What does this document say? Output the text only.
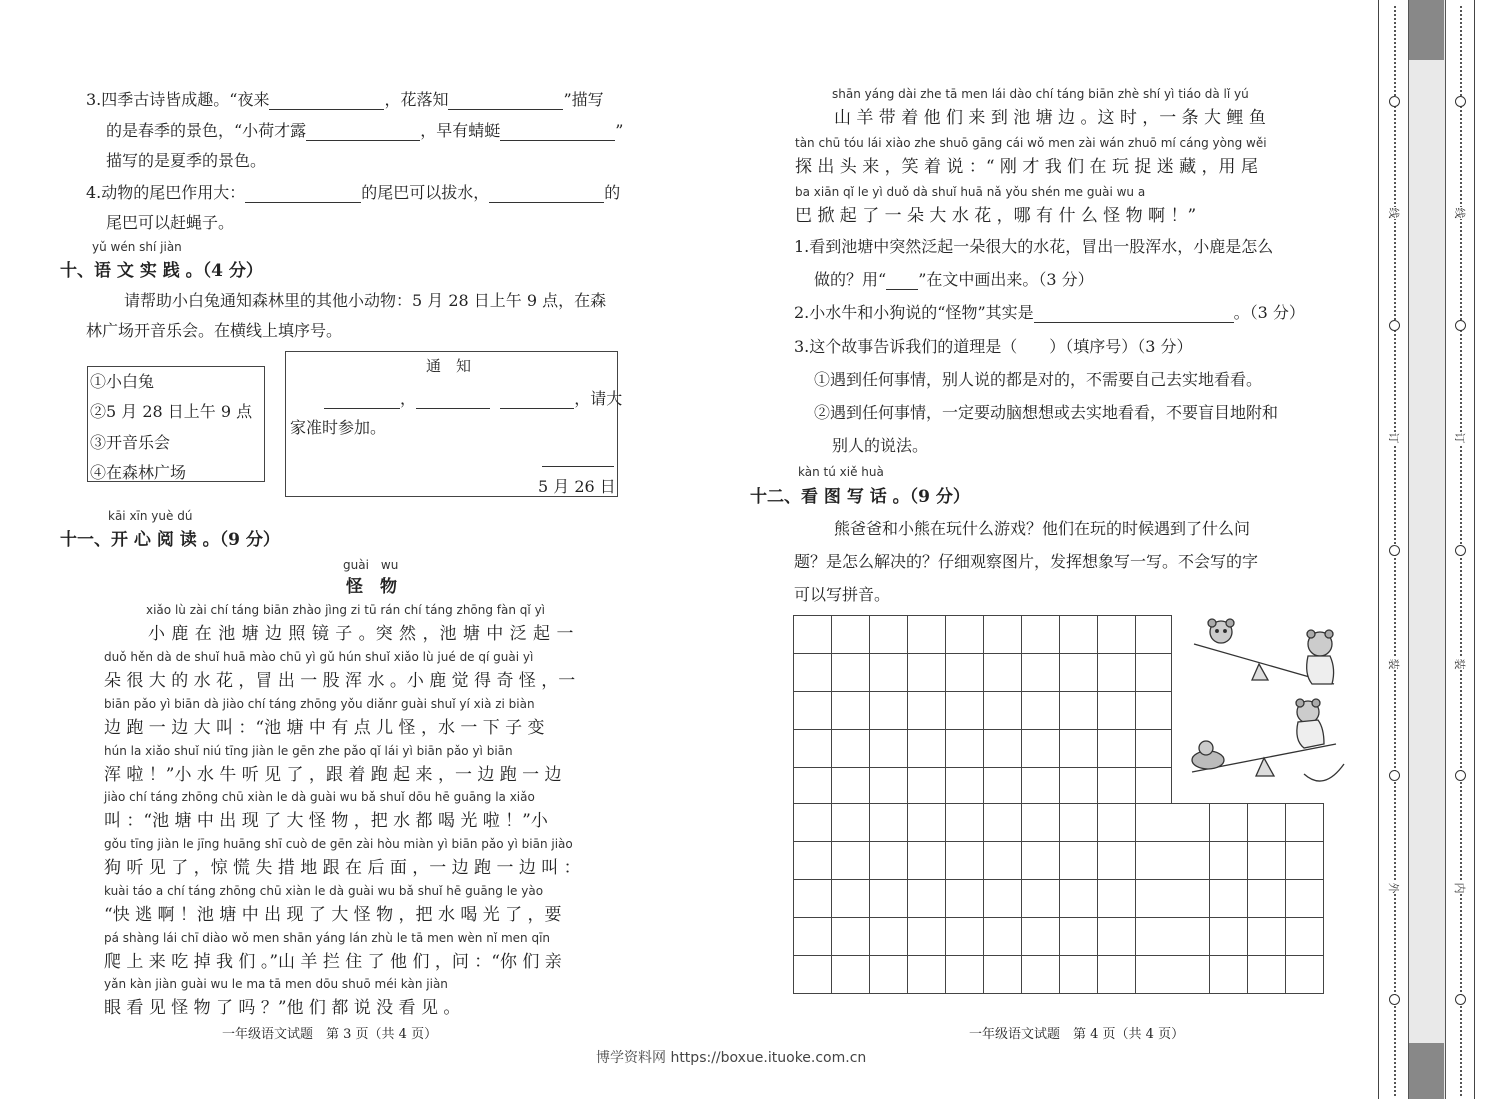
3.四季古诗皆成趣。“夜来	，花落知	”描写
的是春季的景色，“小荷才露	，早有蜻蜓	”
描写的是夏季的景色。
4.动物的尾巴作用大：	的尾巴可以拔水，	的
尾巴可以赶蝇子。
yǔ wén shí jiàn
十、语 文 实 践 。（4 分）
请帮助小白兔通知森林里的其他小动物：5 月 28 日上午 9 点，在森
林广场开音乐会。在横线上填序号。
①小白兔
②5 月 28 日上午 9 点
③开音乐会
④在森林广场
通　知
，	，请大
家准时参加。
5 月 26 日
kāi xīn yuè dú
十一、开 心 阅 读 。（9 分）
guài　wu
怪　物
xiǎo lù zài chí táng biān zhào jìng zi tū rán chí táng zhōng fàn qǐ yì
小 鹿 在 池 塘 边 照 镜 子 。突 然 ，池 塘 中 泛 起 一
duǒ hěn dà de shuǐ huā mào chū yì gǔ hún shuǐ xiǎo lù jué de qí guài yì
朵 很 大 的 水 花 ，冒 出 一 股 浑 水 。小 鹿 觉 得 奇 怪 ，一
biān pǎo yì biān dà jiào chí táng zhōng yǒu diǎnr guài shuǐ yí xià zi biàn
边 跑 一 边 大 叫 ：“池 塘 中 有 点 儿 怪 ，水 一 下 子 变
hún la xiǎo shuǐ niú tīng jiàn le gēn zhe pǎo qǐ lái yì biān pǎo yì biān
浑 啦 ！”小 水 牛 听 见 了 ，跟 着 跑 起 来 ，一 边 跑 一 边
jiào chí táng zhōng chū xiàn le dà guài wu bǎ shuǐ dōu hē guāng la xiǎo
叫 ：“池 塘 中 出 现 了 大 怪 物 ，把 水 都 喝 光 啦 ！”小
gǒu tīng jiàn le jīng huāng shī cuò de gēn zài hòu miàn yì biān pǎo yì biān jiào
狗 听 见 了 ，惊 慌 失 措 地 跟 在 后 面 ，一 边 跑 一 边 叫 ：
kuài táo a chí táng zhōng chū xiàn le dà guài wu bǎ shuǐ hē guāng le yào
“快 逃 啊 ！池 塘 中 出 现 了 大 怪 物 ，把 水 喝 光 了 ，要
pá shàng lái chī diào wǒ men shān yáng lán zhù le tā men wèn nǐ men qīn
爬 上 来 吃 掉 我 们 。”山 羊 拦 住 了 他 们 ，问 ：“你 们 亲
yǎn kàn jiàn guài wu le ma tā men dōu shuō méi kàn jiàn
眼 看 见 怪 物 了 吗 ？”他 们 都 说 没 看 见 。
一年级语文试题　第 3 页（共 4 页）
shān yáng dài zhe tā men lái dào chí táng biān zhè shí yì tiáo dà lǐ yú
山 羊 带 着 他 们 来 到 池 塘 边 。这 时 ，一 条 大 鲤 鱼
tàn chū tóu lái xiào zhe shuō gāng cái wǒ men zài wán zhuō mí cáng yòng wěi
探 出 头 来 ，笑 着 说 ：“ 刚 才 我 们 在 玩 捉 迷 藏 ，用 尾
ba xiān qǐ le yì duǒ dà shuǐ huā nǎ yǒu shén me guài wu a
巴 掀 起 了 一 朵 大 水 花 ，哪 有 什 么 怪 物 啊 ！”
1.看到池塘中突然泛起一朵很大的水花，冒出一股浑水，小鹿是怎么
做的？用“ ”在文中画出来。（3 分）
2.小水牛和小狗说的“怪物”其实是	。（3 分）
3.这个故事告诉我们的道理是（　　）（填序号）（3 分）
①遇到任何事情，别人说的都是对的，不需要自己去实地看看。
②遇到任何事情，一定要动脑想想或去实地看看，不要盲目地附和
别人的说法。
kàn tú xiě huà
十二、看 图 写 话 。（9 分）
熊爸爸和小熊在玩什么游戏？他们在玩的时候遇到了什么问
题？是怎么解决的？仔细观察图片，发挥想象写一写。不会写的字
可以写拼音。
一年级语文试题　第 4 页（共 4 页）
博学资料网 https://boxue.ituoke.com.cn
线
订
装
外
线
订
装
内
